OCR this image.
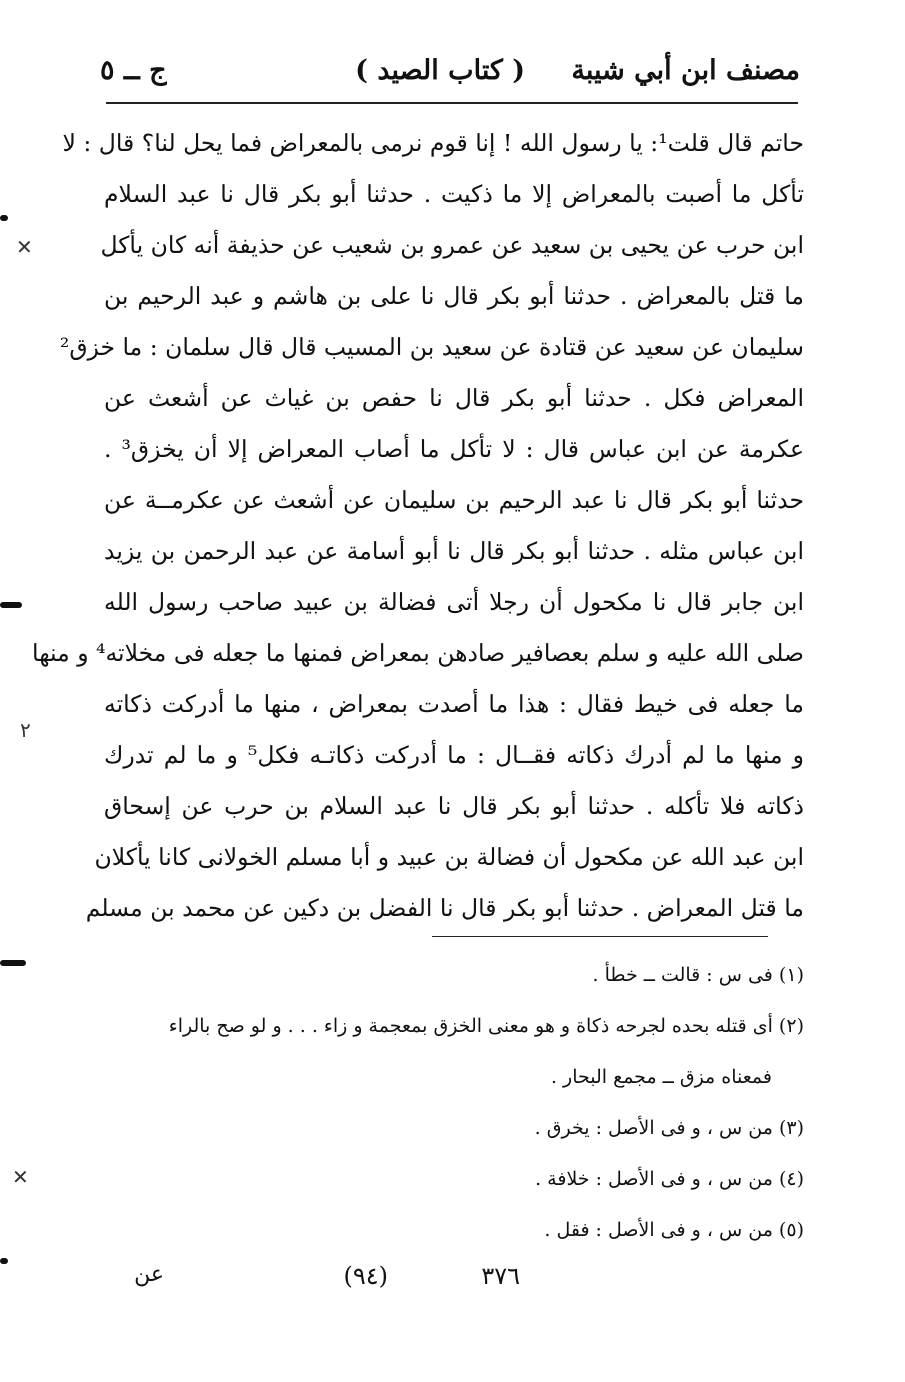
مصنف ابن أبي شيبة
( كتاب الصيد )
ج ــ ٥
حاتم قال قلت¹: يا رسول الله ! إنا قوم نرمى بالمعراض فما يحل لنا؟ قال : لا
تأكل ما أصبت بالمعراض إلا ما ذكيت . حدثنا أبو بكر قال نا عبد السلام
ابن حرب عن يحيى بن سعيد عن عمرو بن شعيب عن حذيفة أنه كان يأكل
ما قتل بالمعراض . حدثنا أبو بكر قال نا على بن هاشم و عبد الرحيم بن
سليمان عن سعيد عن قتادة عن سعيد بن المسيب قال قال سلمان : ما خزق²
المعراض فكل . حدثنا أبو بكر قال نا حفص بن غياث عن أشعث عن
عكرمة عن ابن عباس قال : لا تأكل ما أصاب المعراض إلا أن يخزق³ .
حدثنا أبو بكر قال نا عبد الرحيم بن سليمان عن أشعث عن عكرمــة عن
ابن عباس مثله . حدثنا أبو بكر قال نا أبو أسامة عن عبد الرحمن بن يزيد
ابن جابر قال نا مكحول أن رجلا أتى فضالة بن عبيد صاحب رسول الله
صلى الله عليه و سلم بعصافير صادهن بمعراض فمنها ما جعله فى مخلاته⁴ و منها
ما جعله فى خيط فقال : هذا ما أصدت بمعراض ، منها ما أدركت ذكاته
و منها ما لم أدرك ذكاته فقــال : ما أدركت ذكاتـه فكل⁵ و ما لم تدرك
ذكاته فلا تأكله . حدثنا أبو بكر قال نا عبد السلام بن حرب عن إسحاق
ابن عبد الله عن مكحول أن فضالة بن عبيد و أبا مسلم الخولانى كانا يأكلان
ما قتل المعراض . حدثنا أبو بكر قال نا الفضل بن دكين عن محمد بن مسلم
(١) فى س : قالت ــ خطأ .
(٢) أى قتله بحده لجرحه ذكاة و هو معنى الخزق بمعجمة و زاء . . . و لو صح بالراء
فمعناه مزق ــ مجمع البحار .
(٣) من س ، و فى الأصل : يخرق .
(٤) من س ، و فى الأصل : خلافة .
(٥) من س ، و فى الأصل : فقل .
٣٧٦
(٩٤)
عن
✕
٢
✕
